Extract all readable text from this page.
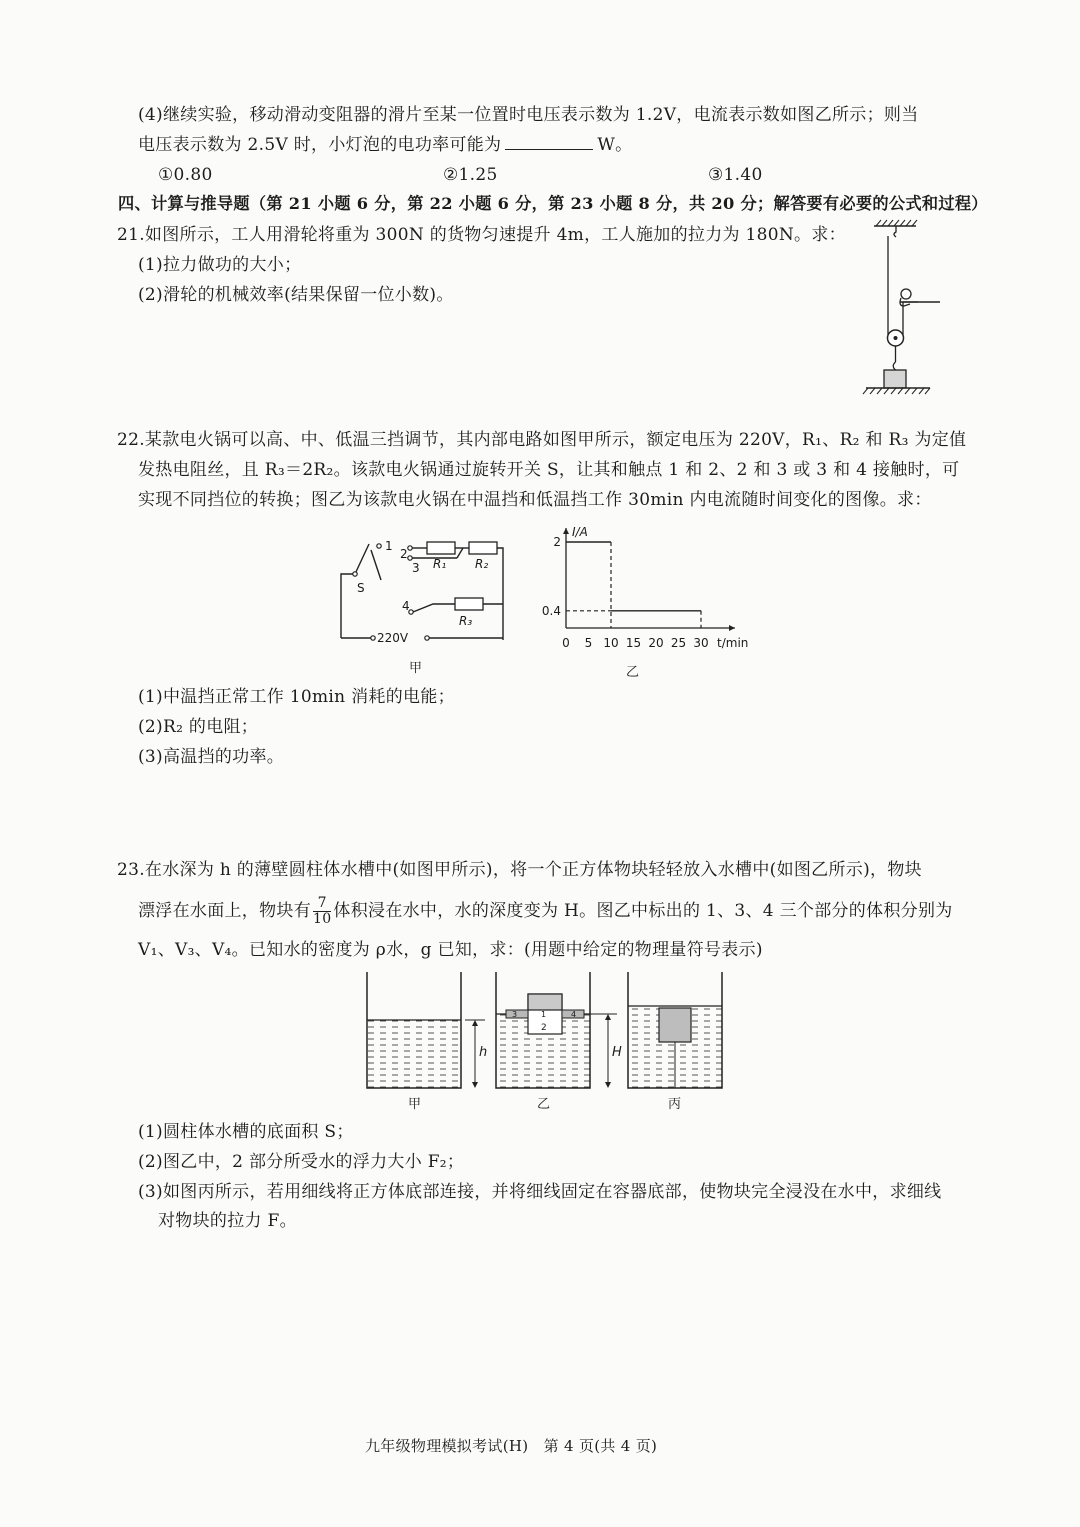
(4)继续实验，移动滑动变阻器的滑片至某一位置时电压表示数为 1.2V，电流表示数如图乙所示；则当
电压表示数为 2.5V 时，小灯泡的电功率可能为	W。
①0.80	②1.25	③1.40
四、计算与推导题（第 21 小题 6 分，第 22 小题 6 分，第 23 小题 8 分，共 20 分；解答要有必要的公式和过程）
21.如图所示，工人用滑轮将重为 300N 的货物匀速提升 4m，工人施加的拉力为 180N。求：
(1)拉力做功的大小；
(2)滑轮的机械效率(结果保留一位小数)。
22.某款电火锅可以高、中、低温三挡调节，其内部电路如图甲所示，额定电压为 220V，R₁、R₂ 和 R₃ 为定值
发热电阻丝，且 R₃＝2R₂。该款电火锅通过旋转开关 S，让其和触点 1 和 2、2 和 3 或 3 和 4 接触时，可
实现不同挡位的转换；图乙为该款电火锅在中温挡和低温挡工作 30min 内电流随时间变化的图像。求：
S
1
2
3 R₁ R₂
4
R₃
220V
甲
I/A
t/min
0 5 10 15 20 25 30
0.4
2
乙
(1)中温挡正常工作 10min 消耗的电能；
(2)R₂ 的电阻；
(3)高温挡的功率。
23.在水深为 h 的薄壁圆柱体水槽中(如图甲所示)，将一个正方体物块轻轻放入水槽中(如图乙所示)，物块
漂浮在水面上，物块有 $\frac{7}{10}$ 体积浸在水中，水的深度变为 H。图乙中标出的 1、3、4 三个部分的体积分别为
V₁、V₃、V₄。已知水的密度为 ρ水，g 已知，求：(用题中给定的物理量符号表示)
h
甲
3	1
2
4
H
乙	丙
(1)圆柱体水槽的底面积 S；
(2)图乙中，2 部分所受水的浮力大小 F₂；
(3)如图丙所示，若用细线将正方体底部连接，并将细线固定在容器底部，使物块完全浸没在水中，求细线
对物块的拉力 F。
九年级物理模拟考试(H)　第 4 页(共 4 页)
